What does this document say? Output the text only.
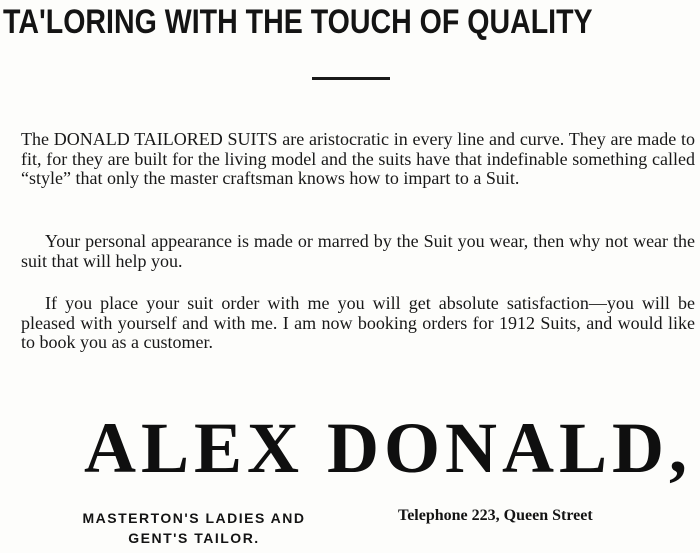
TA'LORING WITH THE TOUCH OF QUALITY

The DONALD TAILORED SUITS are aristocratic in every line and curve. They are made to fit, for they are built for the living model and the suits have that indefinable something called “style” that only the master craftsman knows how to impart to a Suit.

Your personal appearance is made or marred by the Suit you wear, then why not wear the suit that will help you.

If you place your suit order with me you will get absolute satisfaction—you will be pleased with yourself and with me. I am now booking orders for 1912 Suits, and would like to book you as a customer.

ALEX DONALD,
MASTERTON'S LADIES AND
GENT'S TAILOR.
Telephone 223, Queen Street
